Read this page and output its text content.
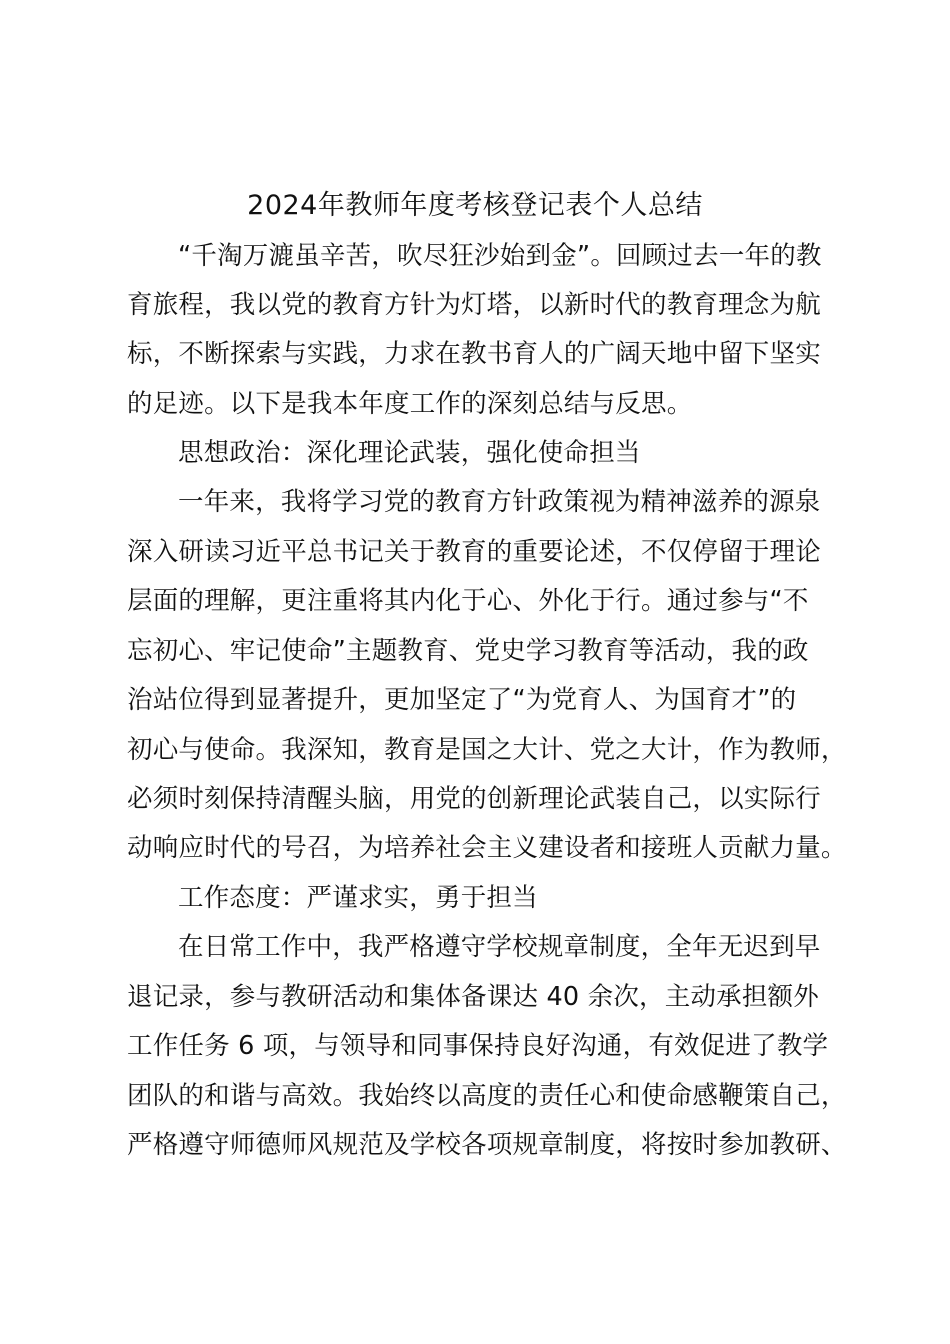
2024年教师年度考核登记表个人总结
“千淘万漉虽辛苦，吹尽狂沙始到金”。回顾过去一年的教
育旅程，我以党的教育方针为灯塔，以新时代的教育理念为航
标，不断探索与实践，力求在教书育人的广阔天地中留下坚实
的足迹。以下是我本年度工作的深刻总结与反思。
思想政治：深化理论武装，强化使命担当
一年来，我将学习党的教育方针政策视为精神滋养的源泉
深入研读习近平总书记关于教育的重要论述，不仅停留于理论
层面的理解，更注重将其内化于心、外化于行。通过参与“不
忘初心、牢记使命”主题教育、党史学习教育等活动，我的政
治站位得到显著提升，更加坚定了“为党育人、为国育才”的
初心与使命。我深知，教育是国之大计、党之大计，作为教师，
必须时刻保持清醒头脑，用党的创新理论武装自己，以实际行
动响应时代的号召，为培养社会主义建设者和接班人贡献力量。
工作态度：严谨求实，勇于担当
在日常工作中，我严格遵守学校规章制度，全年无迟到早
退记录，参与教研活动和集体备课达 40 余次，主动承担额外
工作任务 6 项，与领导和同事保持良好沟通，有效促进了教学
团队的和谐与高效。我始终以高度的责任心和使命感鞭策自己，
严格遵守师德师风规范及学校各项规章制度，将按时参加教研、
